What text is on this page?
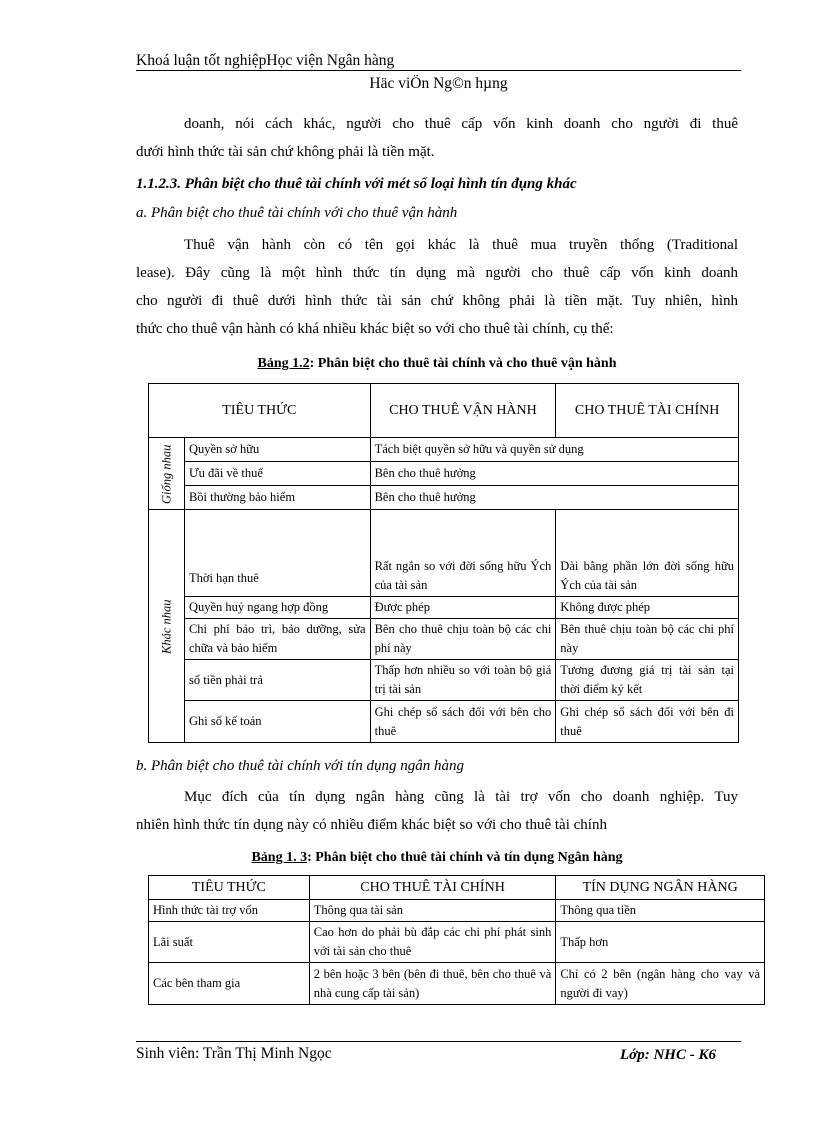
Khoá luận tốt nghiệpHọc viện Ngân hàng
Häc viÖn Ng©n hµng
doanh, nói cách khác, người cho thuê cấp vốn kinh doanh cho người đi thuê
dưới hình thức tài sản chứ không phải là tiền mặt.
1.1.2.3. Phân biệt cho thuê tài chính với mét số loại hình tín đụng khác
a. Phân biệt cho thuê tài chính với cho thuê vận hành
Thuê vận hành còn có tên gọi khác là thuê mua truyền thống (Traditional
lease). Đây cũng là một hình thức tín dụng mà người cho thuê cấp vốn kinh doanh
cho người đi thuê dưới hình thức tài sản chứ không phải là tiền mặt. Tuy nhiên, hình
thức cho thuê vận hành có khá nhiều khác biệt so với cho thuê tài chính, cụ thể:
Bảng 1.2: Phân biệt cho thuê tài chính và cho thuê vận hành
TIÊU THỨC		CHO THUÊ VẬN HÀNH	CHO THUÊ TÀI CHÍNH
Giống nhau	Quyền sở hữu	Tách biệt quyền sở hữu và quyền sử dụng	
	Ưu đãi về thuế	Bên cho thuê hưởng	
	Bồi thường bảo hiểm	Bên cho thuê hưởng	
Khác nhau	Thời hạn thuê	Rất ngắn so với đời sống hữu Ých của tài sản	Dài bằng phần lớn đời sống hữu Ých của tài sản
	Quyền huỷ ngang hợp đồng	Được phép	Không được phép
	Chi phí bảo trì, bảo dưỡng, sửa chữa và bảo hiểm	Bên cho thuê chịu toàn bộ các chi phí này	Bên thuê chịu toàn bộ các chi phí này
	số tiền phải trả	Thấp hơn nhiều so với toàn bộ giá trị tài sản	Tương đương giá trị tài sản tại thời điểm ký kết
	Ghi sổ kế toán	Ghi chép sổ sách đối với bên cho thuê	Ghi chép sổ sách đối với bên đi thuê
b. Phân biệt cho thuê tài chính với tín dụng ngân hàng
Mục đích của tín dụng ngân hàng cũng là tài trợ vốn cho doanh nghiệp. Tuy
nhiên hình thức tín dụng này có nhiều điểm khác biệt so với cho thuê tài chính
Bảng 1. 3: Phân biệt cho thuê tài chính và tín dụng Ngân hàng
TIÊU THỨC	CHO THUÊ TÀI CHÍNH	TÍN DỤNG NGÂN HÀNG
Hình thức tài trợ vốn	Thông qua tài sản	Thông qua tiền
Lãi suất	Cao hơn do phải bù đắp các chi phí phát sinh với tài sản cho thuê	Thấp hơn
Các bên tham gia	2 bên hoặc 3 bên (bên đi thuê, bên cho thuê và nhà cung cấp tài sản)	Chỉ có 2 bên (ngân hàng cho vay và người đi vay)
Sinh viên: Trần Thị Minh Ngọc	Lớp: NHC - K6
